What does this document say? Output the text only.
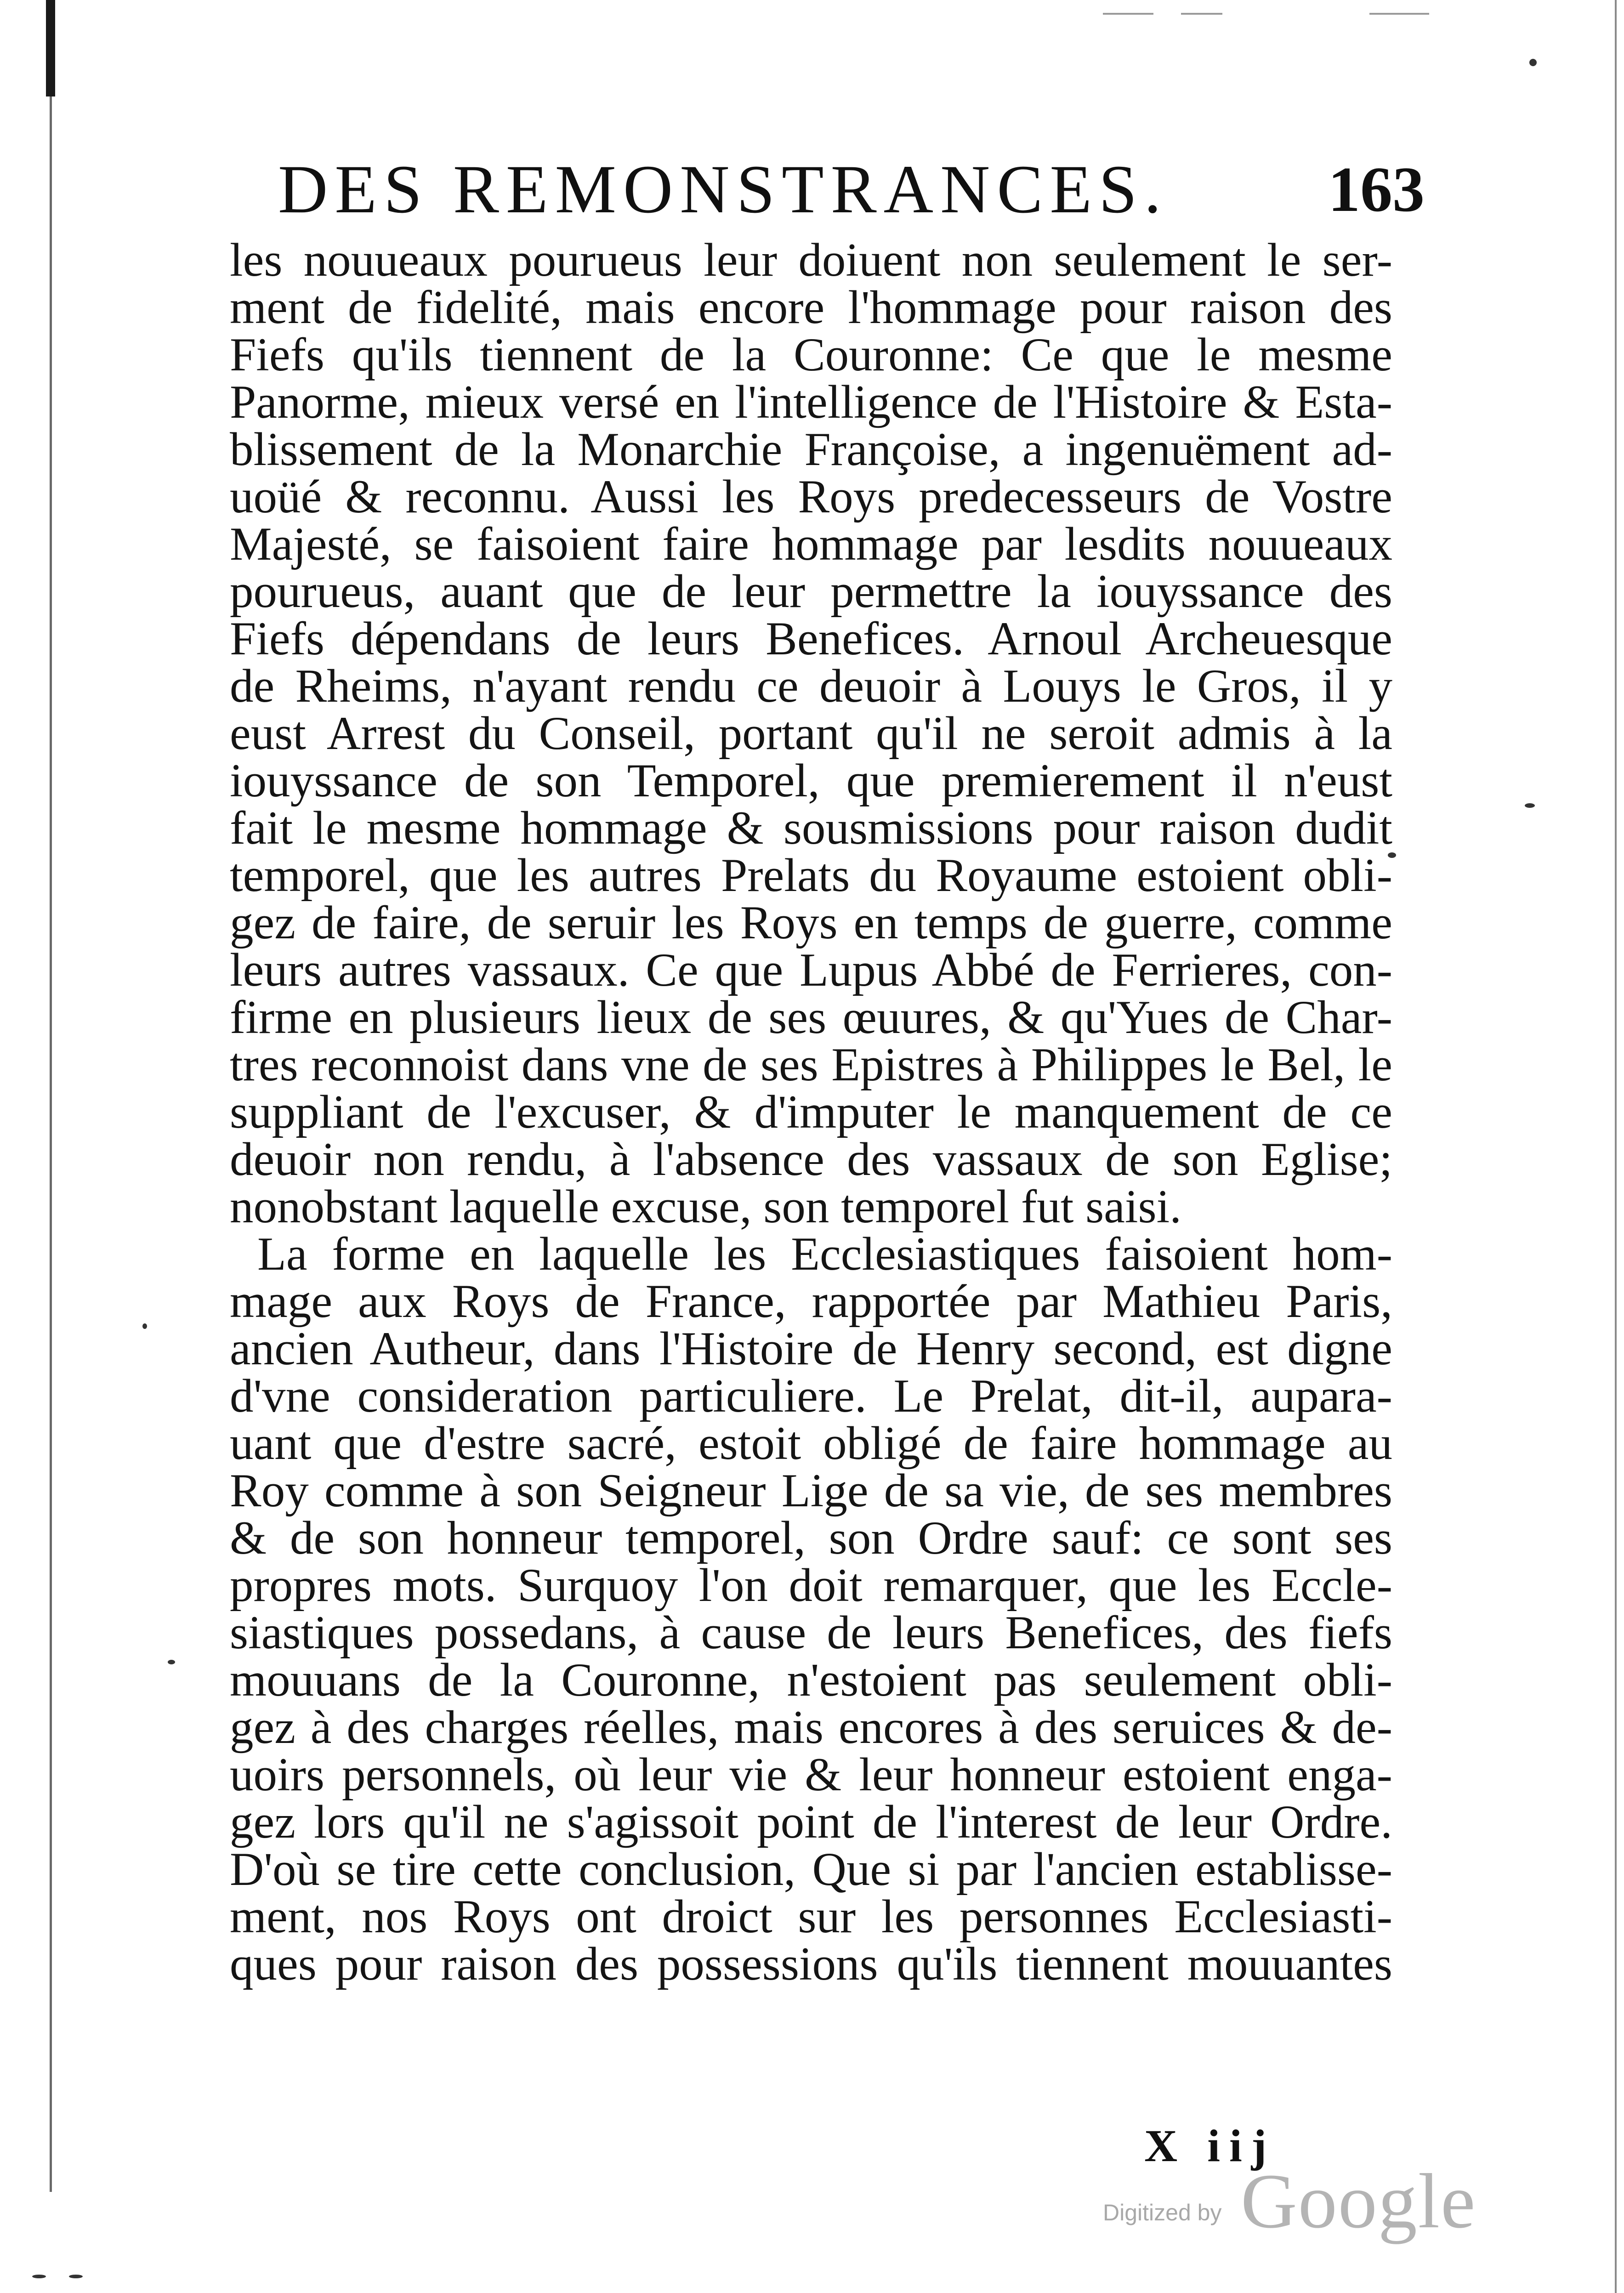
DES REMONSTRANCES.	163
les nouueaux pourueus leur doiuent non seulement le ser-
ment de fidelité, mais encore l'hommage pour raison des
Fiefs qu'ils tiennent de la Couronne: Ce que le mesme
Panorme, mieux versé en l'intelligence de l'Histoire & Esta-
blissement de la Monarchie Françoise, a ingenuëment ad-
uoüé & reconnu. Aussi les Roys predecesseurs de Vostre
Majesté, se faisoient faire hommage par lesdits nouueaux
pourueus, auant que de leur permettre la iouyssance des
Fiefs dépendans de leurs Benefices. Arnoul Archeuesque
de Rheims, n'ayant rendu ce deuoir à Louys le Gros, il y
eust Arrest du Conseil, portant qu'il ne seroit admis à la
iouyssance de son Temporel, que premierement il n'eust
fait le mesme hommage & sousmissions pour raison dudit
temporel, que les autres Prelats du Royaume estoient obli-
gez de faire, de seruir les Roys en temps de guerre, comme
leurs autres vassaux. Ce que Lupus Abbé de Ferrieres, con-
firme en plusieurs lieux de ses œuures, & qu'Yues de Char-
tres reconnoist dans vne de ses Epistres à Philippes le Bel, le
suppliant de l'excuser, & d'imputer le manquement de ce
deuoir non rendu, à l'absence des vassaux de son Eglise;
nonobstant laquelle excuse, son temporel fut saisi.
La forme en laquelle les Ecclesiastiques faisoient hom-
mage aux Roys de France, rapportée par Mathieu Paris,
ancien Autheur, dans l'Histoire de Henry second, est digne
d'vne consideration particuliere. Le Prelat, dit-il, aupara-
uant que d'estre sacré, estoit obligé de faire hommage au
Roy comme à son Seigneur Lige de sa vie, de ses membres
& de son honneur temporel, son Ordre sauf: ce sont ses
propres mots. Surquoy l'on doit remarquer, que les Eccle-
siastiques possedans, à cause de leurs Benefices, des fiefs
mouuans de la Couronne, n'estoient pas seulement obli-
gez à des charges réelles, mais encores à des seruices & de-
uoirs personnels, où leur vie & leur honneur estoient enga-
gez lors qu'il ne s'agissoit point de l'interest de leur Ordre.
D'où se tire cette conclusion, Que si par l'ancien establisse-
ment, nos Roys ont droict sur les personnes Ecclesiasti-
ques pour raison des possessions qu'ils tiennent mouuantes
X iij
Digitized by Google
